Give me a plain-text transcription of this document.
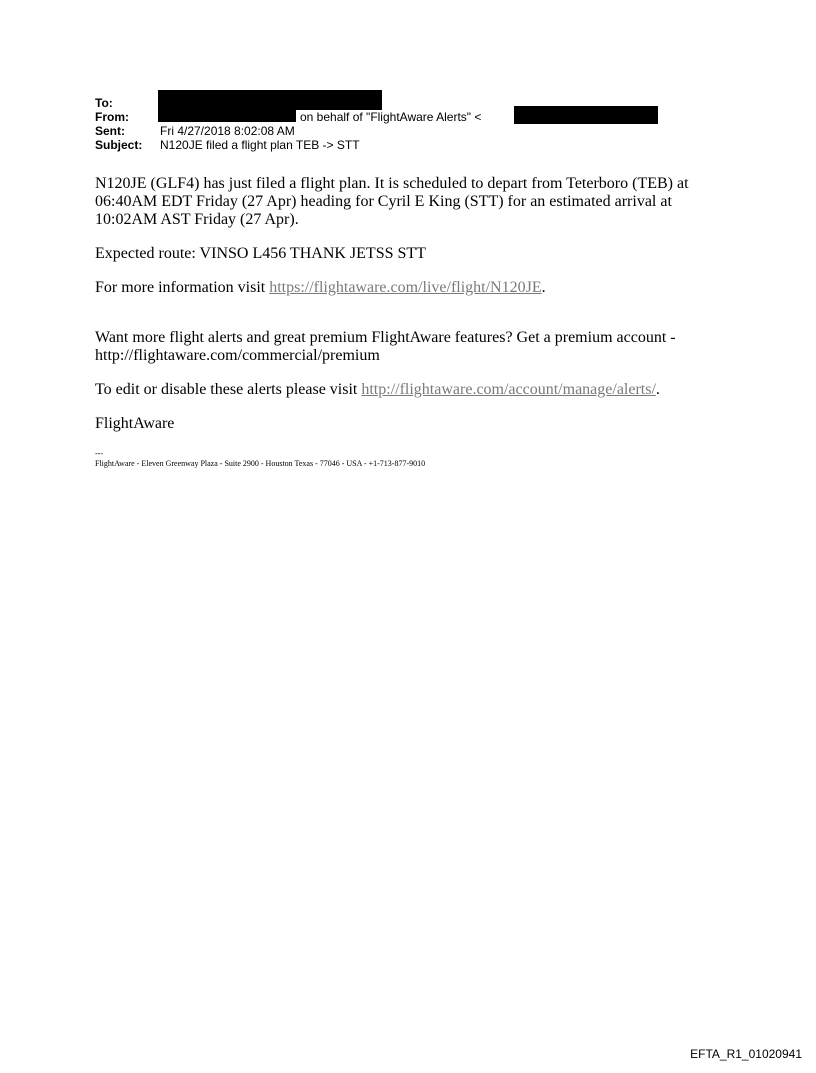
To:
From:	on behalf of "FlightAware Alerts" <
Sent:	Fri 4/27/2018 8:02:08 AM
Subject:	N120JE filed a flight plan TEB -> STT

N120JE (GLF4) has just filed a flight plan. It is scheduled to depart from Teterboro (TEB) at 06:40AM EDT Friday (27 Apr) heading for Cyril E King (STT) for an estimated arrival at 10:02AM AST Friday (27 Apr).

Expected route: VINSO L456 THANK JETSS STT

For more information visit https://flightaware.com/live/flight/N120JE.

Want more flight alerts and great premium FlightAware features? Get a premium account - http://flightaware.com/commercial/premium

To edit or disable these alerts please visit http://flightaware.com/account/manage/alerts/.

FlightAware

---
FlightAware - Eleven Greenway Plaza - Suite 2900 - Houston Texas - 77046 - USA - +1-713-877-9010
EFTA_R1_01020941
